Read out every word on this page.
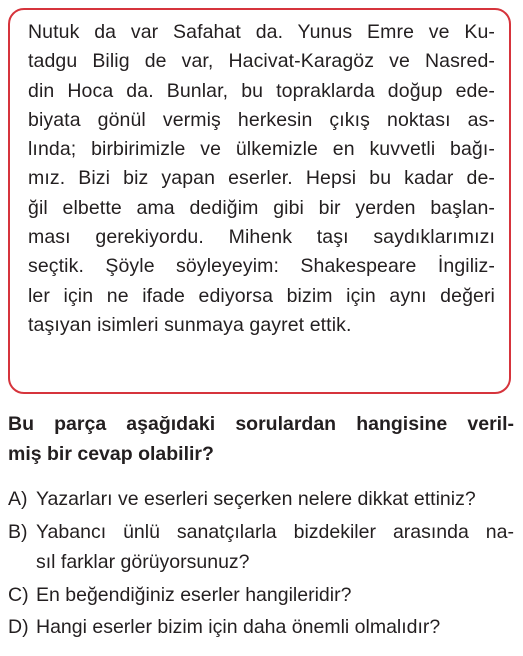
Nutuk da var Safahat da. Yunus Emre ve Ku-
tadgu Bilig de var, Hacivat-Karagöz ve Nasred-
din Hoca da. Bunlar, bu topraklarda doğup ede-
biyata gönül vermiş herkesin çıkış noktası as-
lında; birbirimizle ve ülkemizle en kuvvetli bağı-
mız. Bizi biz yapan eserler. Hepsi bu kadar de-
ğil elbette ama dediğim gibi bir yerden başlan-
ması gerekiyordu. Mihenk taşı saydıklarımızı
seçtik. Şöyle söyleyeyim: Shakespeare İngiliz-
ler için ne ifade ediyorsa bizim için aynı değeri
taşıyan isimleri sunmaya gayret ettik.
Bu parça aşağıdaki sorulardan hangisine veril-
miş bir cevap olabilir?
A) Yazarları ve eserleri seçerken nelere dikkat ettiniz?
B) Yabancı ünlü sanatçılarla bizdekiler arasında na-
sıl farklar görüyorsunuz?
C) En beğendiğiniz eserler hangileridir?
D) Hangi eserler bizim için daha önemli olmalıdır?
